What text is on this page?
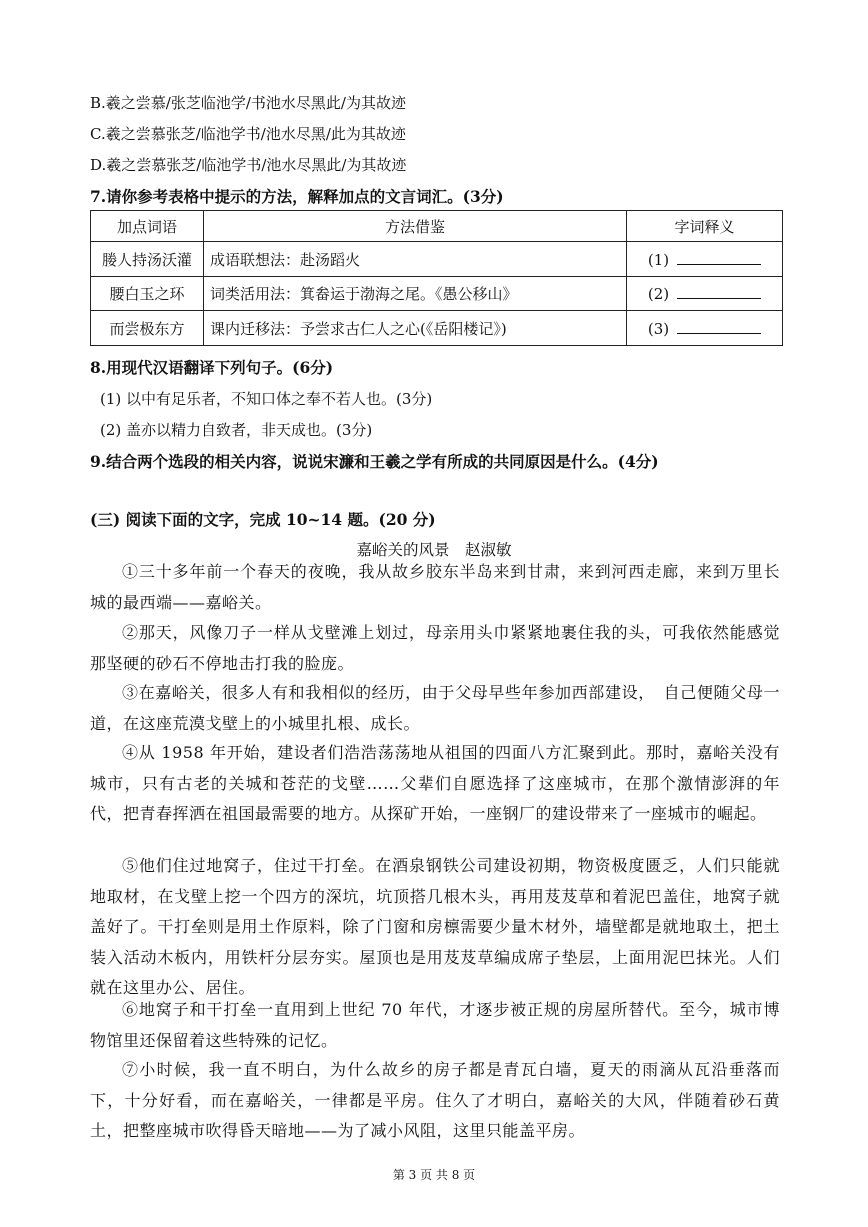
B.羲之尝慕/张芝临池学/书池水尽黑此/为其故迹
C.羲之尝慕张芝/临池学书/池水尽黑/此为其故迹
D.羲之尝慕张芝/临池学书/池水尽黑此/为其故迹
7.请你参考表格中提示的方法，解释加点的文言词汇。(3分)
加点词语	方法借鉴	字词释义
媵人持汤沃灌	成语联想法：赴汤蹈火	(1)
腰白玉之环	词类活用法：箕畚运于渤海之尾。《愚公移山》	(2)
而尝极东方	课内迁移法：予尝求古仁人之心(《岳阳楼记》)	(3)
8.用现代汉语翻译下列句子。(6分)
(1) 以中有足乐者，不知口体之奉不若人也。(3分)
(2) 盖亦以精力自致者，非天成也。(3分)
9.结合两个选段的相关内容，说说宋濂和王羲之学有所成的共同原因是什么。(4分)
(三) 阅读下面的文字，完成 10~14 题。(20 分)
嘉峪关的风景　赵淑敏

①三十多年前一个春天的夜晚，我从故乡胶东半岛来到甘肃，来到河西走廊，来到万里长城的最西端——嘉峪关。

②那天，风像刀子一样从戈壁滩上划过，母亲用头巾紧紧地裹住我的头，可我依然能感觉那坚硬的砂石不停地击打我的脸庞。

③在嘉峪关，很多人有和我相似的经历，由于父母早些年参加西部建设，　自己便随父母一道，在这座荒漠戈壁上的小城里扎根、成长。

④从 1958 年开始，建设者们浩浩荡荡地从祖国的四面八方汇聚到此。那时，嘉峪关没有城市，只有古老的关城和苍茫的戈壁……父辈们自愿选择了这座城市，在那个激情澎湃的年代，把青春挥洒在祖国最需要的地方。从探矿开始，一座钢厂的建设带来了一座城市的崛起。

⑤他们住过地窝子，住过干打垒。在酒泉钢铁公司建设初期，物资极度匮乏，人们只能就地取材，在戈壁上挖一个四方的深坑，坑顶搭几根木头，再用芨芨草和着泥巴盖住，地窝子就盖好了。干打垒则是用土作原料，除了门窗和房檩需要少量木材外，墙壁都是就地取土，把土装入活动木板内，用铁杆分层夯实。屋顶也是用芨芨草编成席子垫层，上面用泥巴抹光。人们就在这里办公、居住。

⑥地窝子和干打垒一直用到上世纪 70 年代，才逐步被正规的房屋所替代。至今，城市博物馆里还保留着这些特殊的记忆。

⑦小时候，我一直不明白，为什么故乡的房子都是青瓦白墙，夏天的雨滴从瓦沿垂落而下，十分好看，而在嘉峪关，一律都是平房。住久了才明白，嘉峪关的大风，伴随着砂石黄土，把整座城市吹得昏天暗地——为了减小风阻，这里只能盖平房。

第 3 页 共 8 页
